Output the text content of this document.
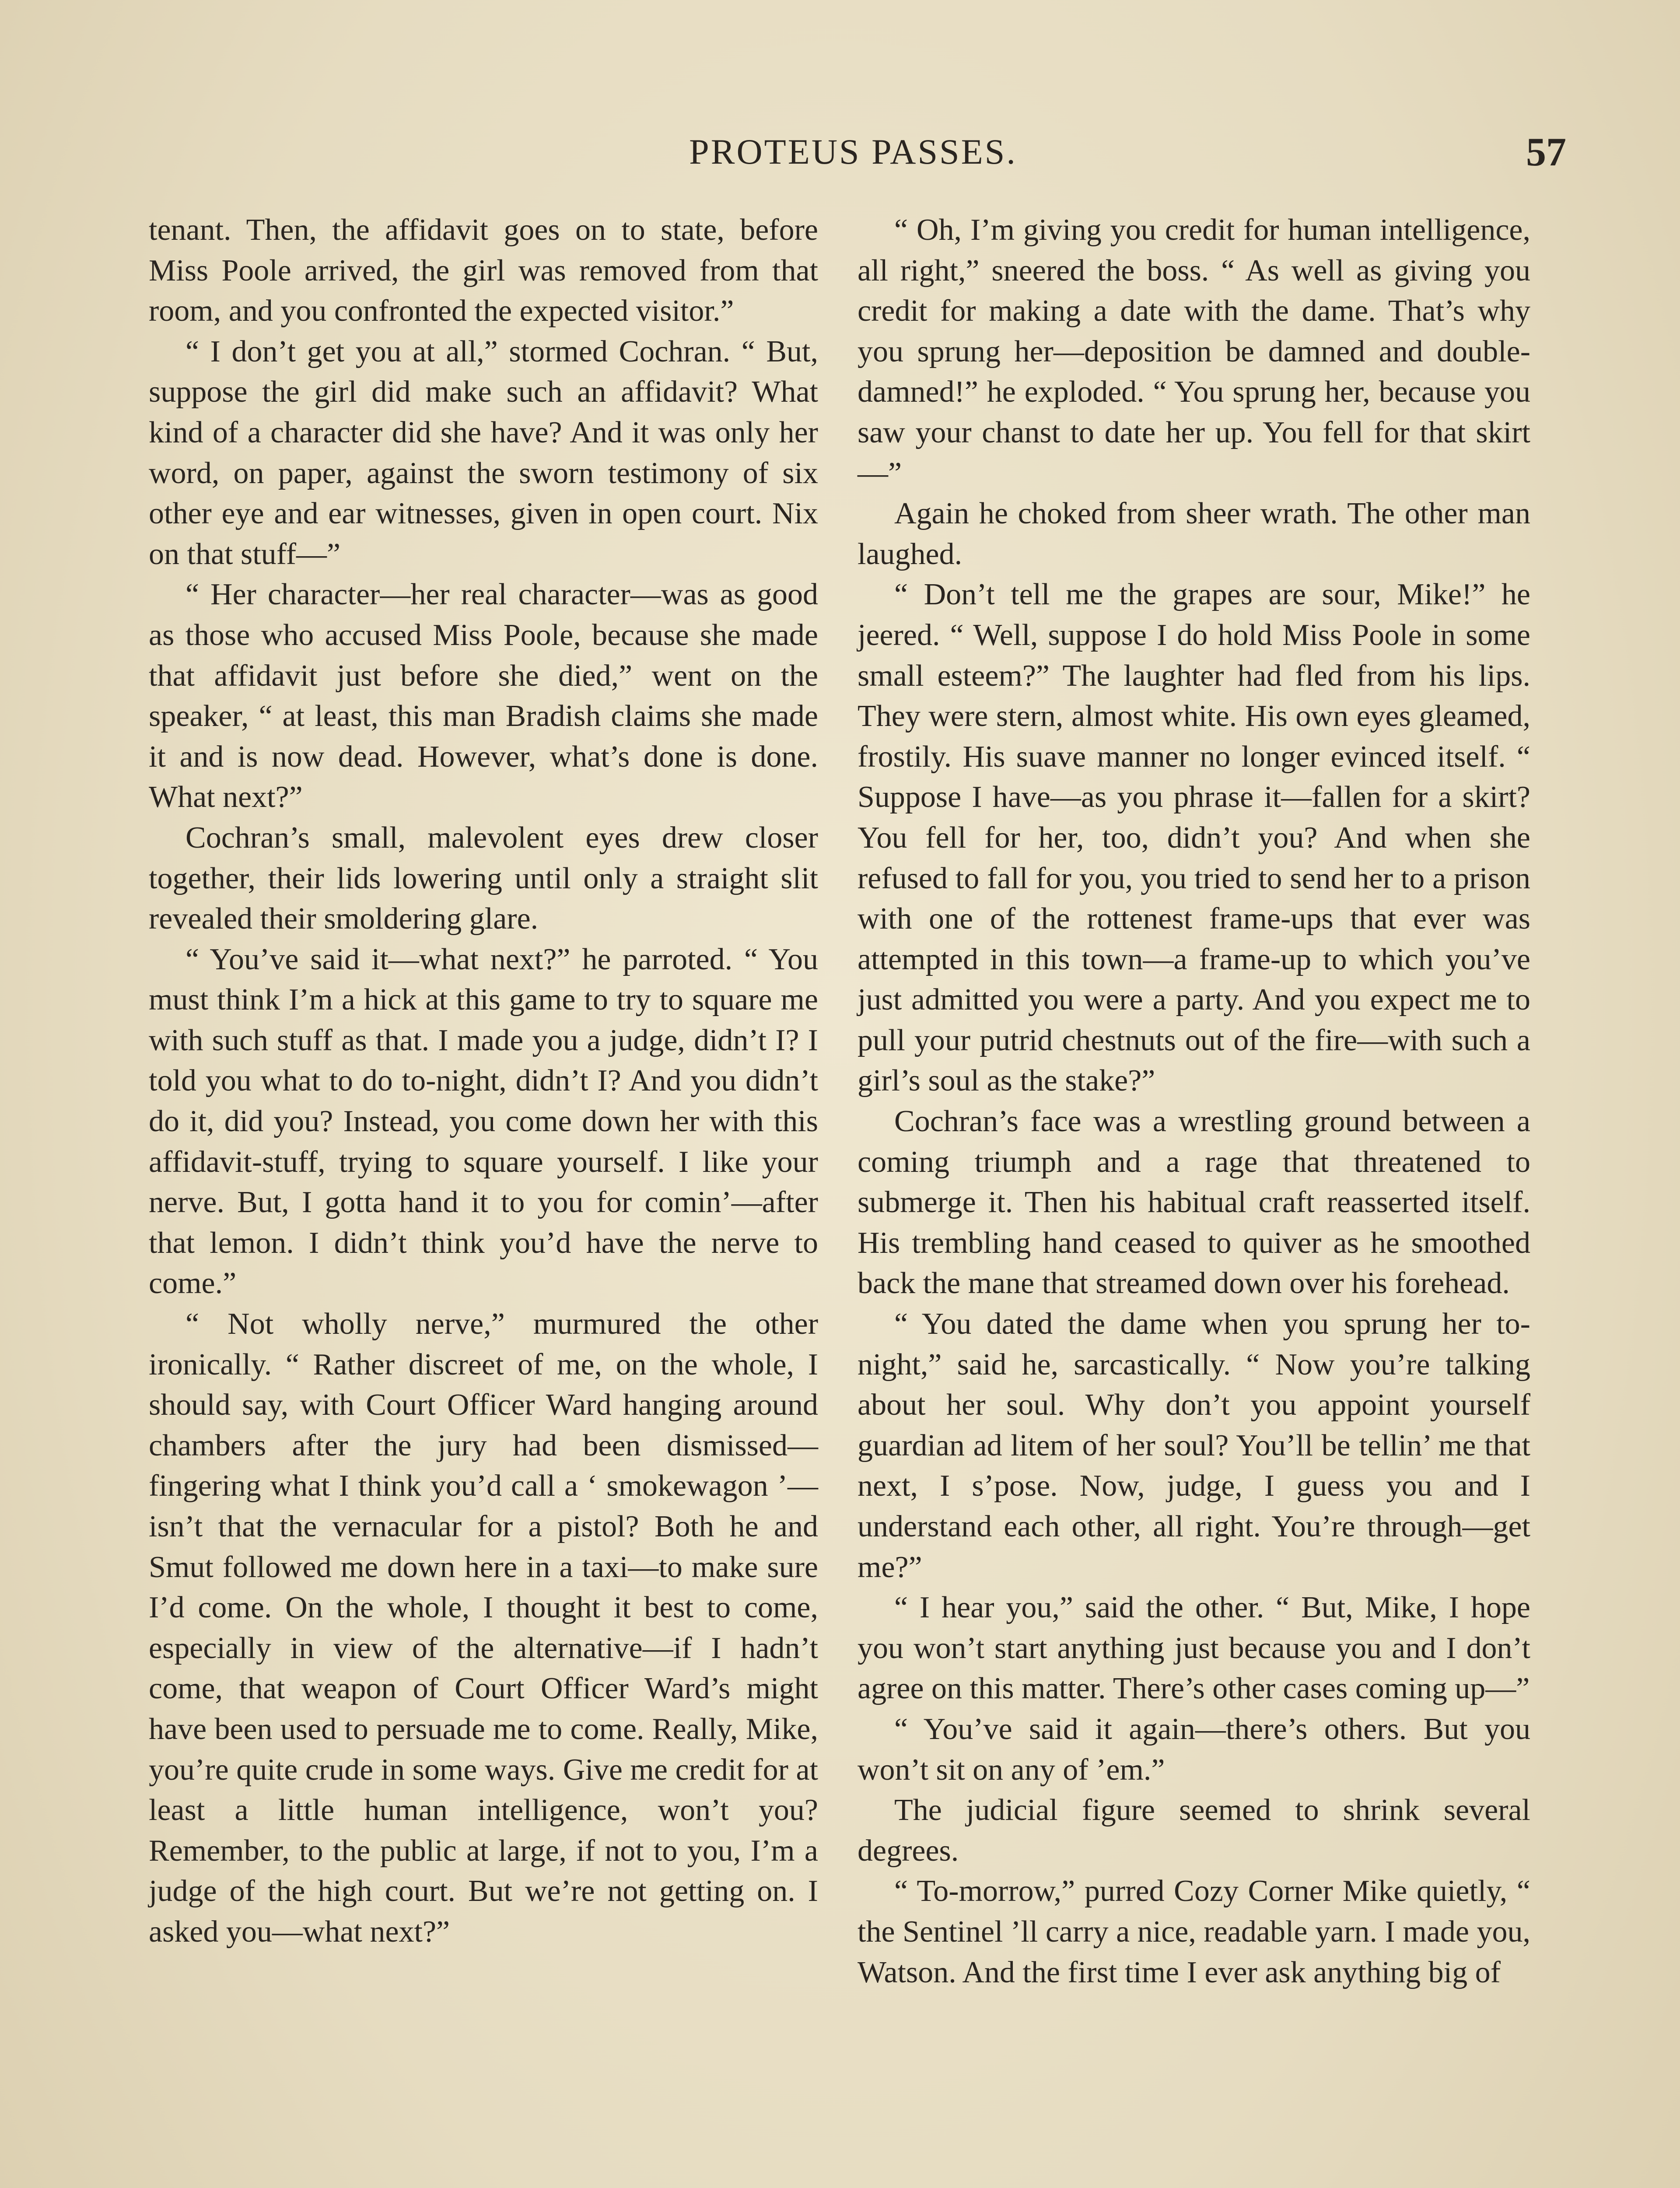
PROTEUS PASSES.	57

tenant. Then, the affidavit goes on to state, before Miss Poole arrived, the girl was removed from that room, and you confronted the expected visitor.”

“ I don’t get you at all,” stormed Cochran. “ But, suppose the girl did make such an affidavit? What kind of a character did she have? And it was only her word, on paper, against the sworn testimony of six other eye and ear witnesses, given in open court. Nix on that stuff—”

“ Her character—her real character—was as good as those who accused Miss Poole, because she made that affidavit just before she died,” went on the speaker, “ at least, this man Bradish claims she made it and is now dead. However, what’s done is done. What next?”

Cochran’s small, malevolent eyes drew closer together, their lids lowering until only a straight slit revealed their smoldering glare.

“ You’ve said it—what next?” he parroted. “ You must think I’m a hick at this game to try to square me with such stuff as that. I made you a judge, didn’t I? I told you what to do to-night, didn’t I? And you didn’t do it, did you? Instead, you come down her with this affidavit-stuff, trying to square yourself. I like your nerve. But, I gotta hand it to you for comin’—after that lemon. I didn’t think you’d have the nerve to come.”

“ Not wholly nerve,” murmured the other ironically. “ Rather discreet of me, on the whole, I should say, with Court Officer Ward hanging around chambers after the jury had been dismissed—fingering what I think you’d call a ‘ smokewagon ’—isn’t that the vernacular for a pistol? Both he and Smut followed me down here in a taxi—to make sure I’d come. On the whole, I thought it best to come, especially in view of the alternative—if I hadn’t come, that weapon of Court Officer Ward’s might have been used to persuade me to come. Really, Mike, you’re quite crude in some ways. Give me credit for at least a little human intelligence, won’t you? Remember, to the public at large, if not to you, I’m a judge of the high court. But we’re not getting on. I asked you—what next?”

“ Oh, I’m giving you credit for human intelligence, all right,” sneered the boss. “ As well as giving you credit for making a date with the dame. That’s why you sprung her—deposition be damned and double-damned!” he exploded. “ You sprung her, because you saw your chanst to date her up. You fell for that skirt—”

Again he choked from sheer wrath. The other man laughed.

“ Don’t tell me the grapes are sour, Mike!” he jeered. “ Well, suppose I do hold Miss Poole in some small esteem?” The laughter had fled from his lips. They were stern, almost white. His own eyes gleamed, frostily. His suave manner no longer evinced itself. “ Suppose I have—as you phrase it—fallen for a skirt? You fell for her, too, didn’t you? And when she refused to fall for you, you tried to send her to a prison with one of the rottenest frame-ups that ever was attempted in this town—a frame-up to which you’ve just admitted you were a party. And you expect me to pull your putrid chestnuts out of the fire—with such a girl’s soul as the stake?”

Cochran’s face was a wrestling ground between a coming triumph and a rage that threatened to submerge it. Then his habitual craft reasserted itself. His trembling hand ceased to quiver as he smoothed back the mane that streamed down over his forehead.

“ You dated the dame when you sprung her to-night,” said he, sarcastically. “ Now you’re talking about her soul. Why don’t you appoint yourself guardian ad litem of her soul? You’ll be tellin’ me that next, I s’pose. Now, judge, I guess you and I understand each other, all right. You’re through—get me?”

“ I hear you,” said the other. “ But, Mike, I hope you won’t start anything just because you and I don’t agree on this matter. There’s other cases coming up—”

“ You’ve said it again—there’s others. But you won’t sit on any of ’em.”

The judicial figure seemed to shrink several degrees.

“ To-morrow,” purred Cozy Corner Mike quietly, “ the Sentinel ’ll carry a nice, readable yarn. I made you, Watson. And the first time I ever ask anything big of
